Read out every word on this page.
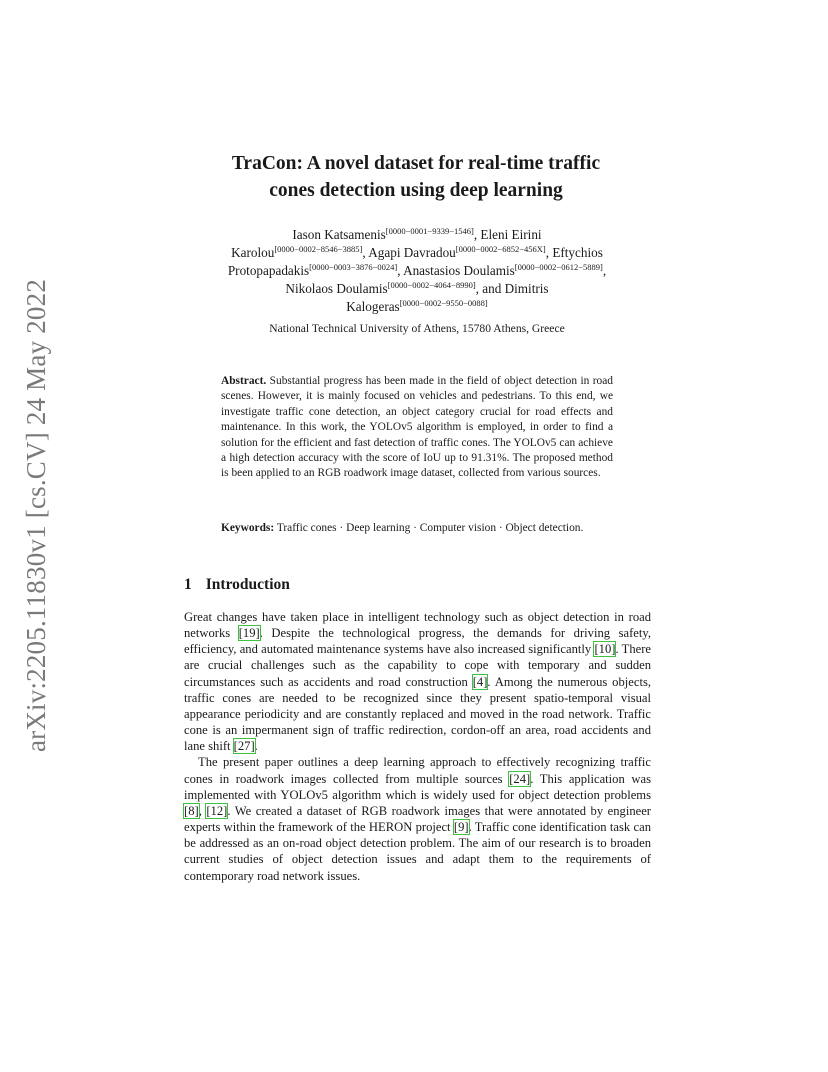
arXiv:2205.11830v1 [cs.CV] 24 May 2022
TraCon: A novel dataset for real-time traffic
cones detection using deep learning
Iason Katsamenis[0000−0001−9339−1546], Eleni Eirini
Karolou[0000−0002−8546−3885], Agapi Davradou[0000−0002−6852−456X], Eftychios
Protopapadakis[0000−0003−3876−0024], Anastasios Doulamis[0000−0002−0612−5889],
Nikolaos Doulamis[0000−0002−4064−8990], and Dimitris
Kalogeras[0000−0002−9550−0088]
National Technical University of Athens, 15780 Athens, Greece
Abstract. Substantial progress has been made in the field of object detection in road scenes. However, it is mainly focused on vehicles and pedestrians. To this end, we investigate traffic cone detection, an object category crucial for road effects and maintenance. In this work, the YOLOv5 algorithm is employed, in order to find a solution for the efficient and fast detection of traffic cones. The YOLOv5 can achieve a high detection accuracy with the score of IoU up to 91.31%. The proposed method is been applied to an RGB roadwork image dataset, collected from various sources.
Keywords: Traffic cones · Deep learning · Computer vision · Object detection.
1 Introduction

Great changes have taken place in intelligent technology such as object detection in road networks [19]. Despite the technological progress, the demands for driving safety, efficiency, and automated maintenance systems have also increased significantly [10]. There are crucial challenges such as the capability to cope with temporary and sudden circumstances such as accidents and road construction [4]. Among the numerous objects, traffic cones are needed to be recognized since they present spatio-temporal visual appearance periodicity and are constantly replaced and moved in the road network. Traffic cone is an impermanent sign of traffic redirection, cordon-off an area, road accidents and lane shift [27].

The present paper outlines a deep learning approach to effectively recognizing traffic cones in roadwork images collected from multiple sources [24]. This application was implemented with YOLOv5 algorithm which is widely used for object detection problems [8], [12]. We created a dataset of RGB roadwork images that were annotated by engineer experts within the framework of the HERON project [9]. Traffic cone identification task can be addressed as an on-road object detection problem. The aim of our research is to broaden current studies of object detection issues and adapt them to the requirements of contemporary road network issues.
